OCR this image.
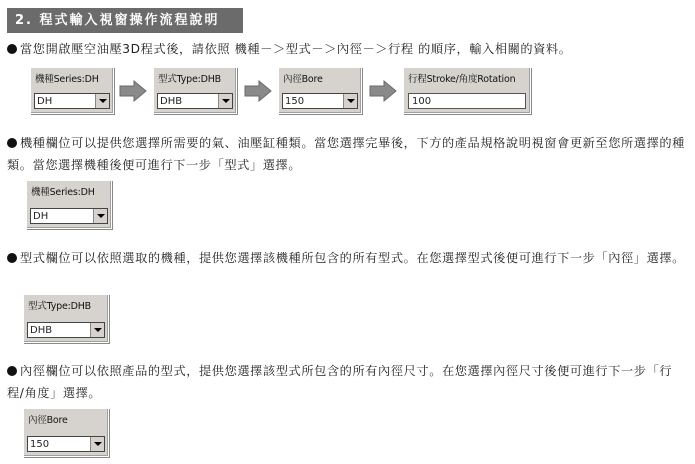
2. 程式輸入視窗操作流程說明
當您開啟壓空油壓3D程式後，請依照 機種－＞型式－＞內徑－＞行程 的順序，輸入相關的資料。
機種Series:DH
DH
型式Type:DHB
DHB
內徑Bore
150
行程Stroke/角度Rotation
100
機種欄位可以提供您選擇所需要的氣、油壓缸種類。當您選擇完畢後，下方的產品規格說明視窗會更新至您所選擇的種類。當您選擇機種後便可進行下一步「型式」選擇。
機種Series:DH
DH
型式欄位可以依照選取的機種，提供您選擇該機種所包含的所有型式。在您選擇型式後便可進行下一步「內徑」選擇。
型式Type:DHB
DHB
內徑欄位可以依照產品的型式，提供您選擇該型式所包含的所有內徑尺寸。在您選擇內徑尺寸後便可進行下一步「行程/角度」選擇。
內徑Bore
150
